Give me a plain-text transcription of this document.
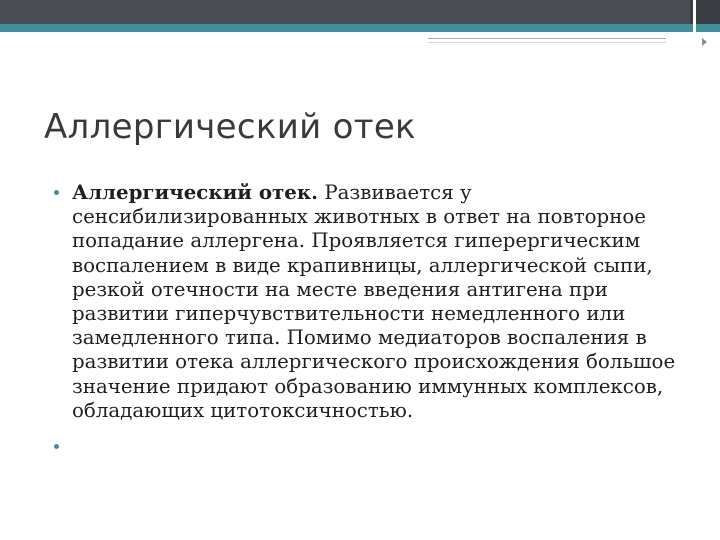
Аллергический отек
Аллергический отек. Развивается у сенсибилизированных животных в ответ на повторное попадание аллергена. Проявляется гиперергическим воспалением в виде крапивницы, аллергической сыпи, резкой отечности на месте введения антигена при развитии гиперчувствительности немедленного или замедленного типа. Помимо медиаторов воспаления в развитии отека аллергического происхождения большое значение придают образованию иммунных комплексов, обладающих цитотоксичностью.
